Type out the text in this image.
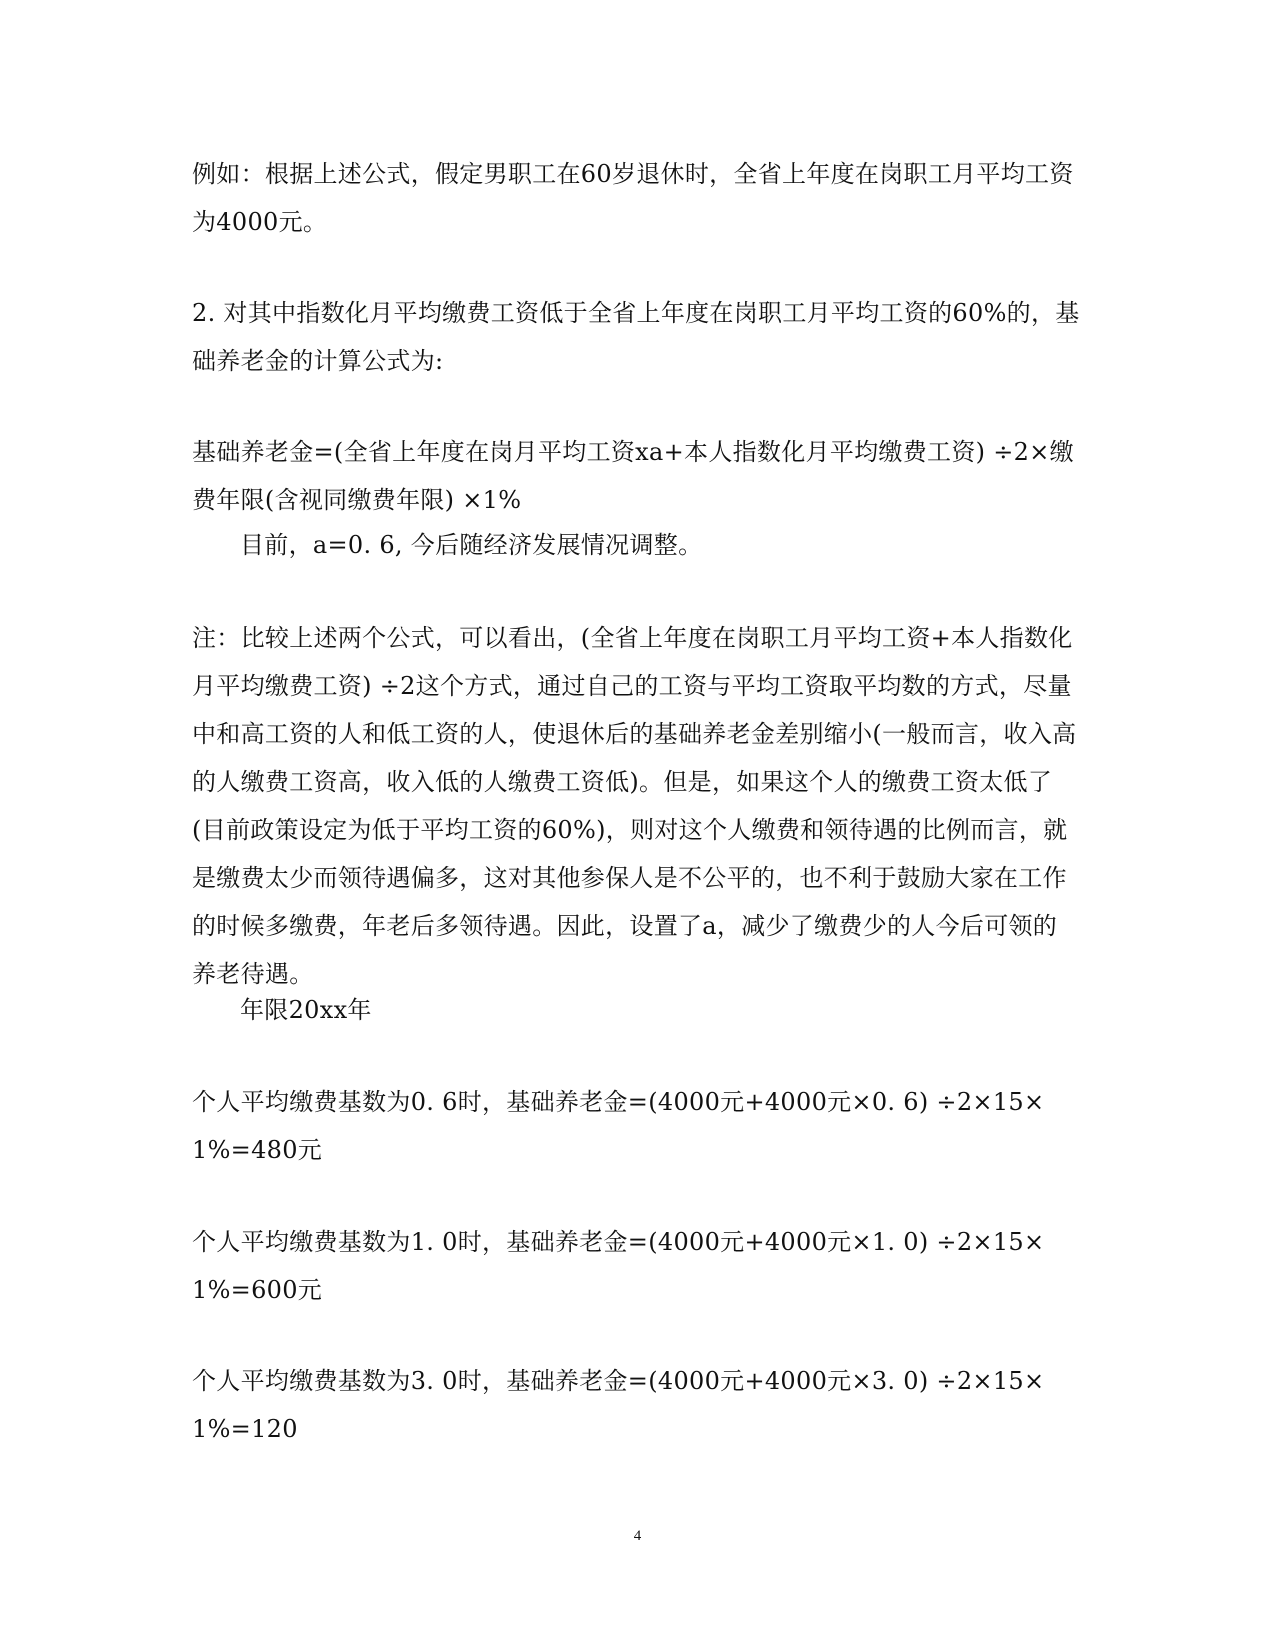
例如：根据上述公式，假定男职工在60岁退休时，全省上年度在岗职工月平均工资为4000元。

2. 对其中指数化月平均缴费工资低于全省上年度在岗职工月平均工资的60%的，基础养老金的计算公式为:

基础养老金=(全省上年度在岗月平均工资xa+本人指数化月平均缴费工资) ÷2×缴费年限(含视同缴费年限) ×1%

目前，a=0. 6, 今后随经济发展情况调整。

注：比较上述两个公式，可以看出，(全省上年度在岗职工月平均工资+本人指数化月平均缴费工资) ÷2这个方式，通过自己的工资与平均工资取平均数的方式，尽量中和高工资的人和低工资的人，使退休后的基础养老金差别缩小(一般而言，收入高的人缴费工资高，收入低的人缴费工资低)。但是，如果这个人的缴费工资太低了(目前政策设定为低于平均工资的60%)，则对这个人缴费和领待遇的比例而言，就是缴费太少而领待遇偏多，这对其他参保人是不公平的，也不利于鼓励大家在工作的时候多缴费，年老后多领待遇。因此，设置了a，减少了缴费少的人今后可领的养老待遇。

年限20xx年

个人平均缴费基数为0. 6时，基础养老金=(4000元+4000元×0. 6) ÷2×15×1%=480元

个人平均缴费基数为1. 0时，基础养老金=(4000元+4000元×1. 0) ÷2×15×1%=600元

个人平均缴费基数为3. 0时，基础养老金=(4000元+4000元×3. 0) ÷2×15×1%=120

4
